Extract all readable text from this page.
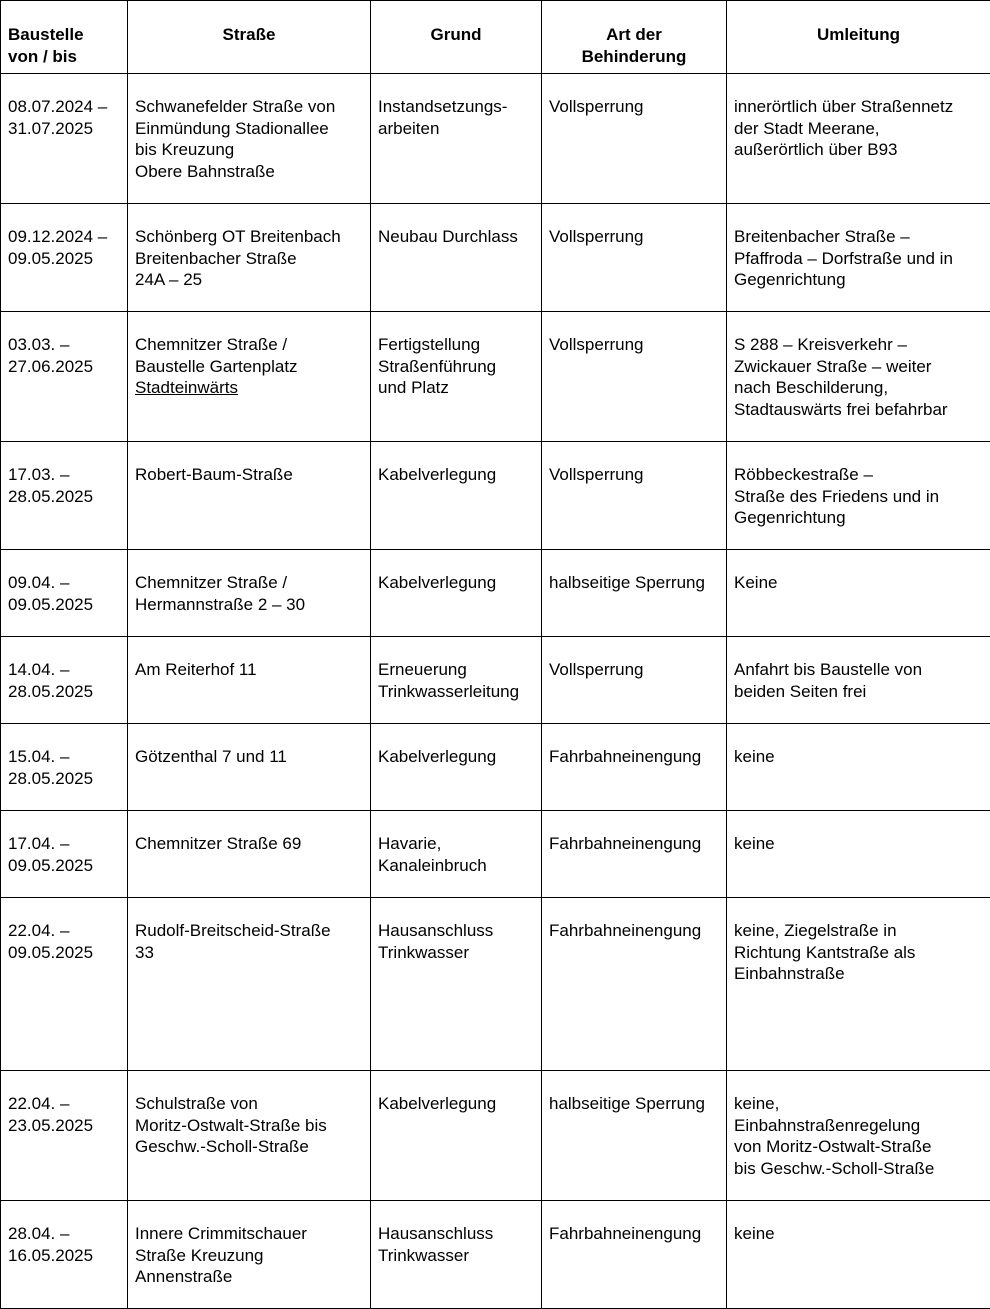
Baustelle
von / bis	Straße	Grund	Art der
Behinderung	Umleitung

08.07.2024 –
31.07.2025	Schwanefelder Straße von
Einmündung Stadionallee
bis Kreuzung
Obere Bahnstraße	Instandsetzungs-
arbeiten	Vollsperrung	innerörtlich über Straßennetz
der Stadt Meerane,
außerörtlich über B93

09.12.2024 –
09.05.2025	Schönberg OT Breitenbach
Breitenbacher Straße
24A – 25	Neubau Durchlass	Vollsperrung	Breitenbacher Straße –
Pfaffroda – Dorfstraße und in
Gegenrichtung

03.03. –
27.06.2025	Chemnitzer Straße /
Baustelle Gartenplatz
Stadteinwärts	Fertigstellung
Straßenführung
und Platz	Vollsperrung	S 288 – Kreisverkehr –
Zwickauer Straße – weiter
nach Beschilderung,
Stadtauswärts frei befahrbar

17.03. –
28.05.2025	Robert-Baum-Straße	Kabelverlegung	Vollsperrung	Röbbeckestraße –
Straße des Friedens und in
Gegenrichtung

09.04. –
09.05.2025	Chemnitzer Straße /
Hermannstraße 2 – 30	Kabelverlegung	halbseitige Sperrung	Keine

14.04. –
28.05.2025	Am Reiterhof 11	Erneuerung
Trinkwasserleitung	Vollsperrung	Anfahrt bis Baustelle von
beiden Seiten frei

15.04. –
28.05.2025	Götzenthal 7 und 11	Kabelverlegung	Fahrbahneinengung	keine

17.04. –
09.05.2025	Chemnitzer Straße 69	Havarie,
Kanaleinbruch	Fahrbahneinengung	keine

22.04. –
09.05.2025	Rudolf-Breitscheid-Straße
33	Hausanschluss
Trinkwasser	Fahrbahneinengung	keine, Ziegelstraße in
Richtung Kantstraße als
Einbahnstraße

22.04. –
23.05.2025	Schulstraße von
Moritz-Ostwalt-Straße bis
Geschw.-Scholl-Straße	Kabelverlegung	halbseitige Sperrung	keine,
Einbahnstraßenregelung
von Moritz-Ostwalt-Straße
bis Geschw.-Scholl-Straße

28.04. –
16.05.2025	Innere Crimmitschauer
Straße Kreuzung
Annenstraße	Hausanschluss
Trinkwasser	Fahrbahneinengung	keine
